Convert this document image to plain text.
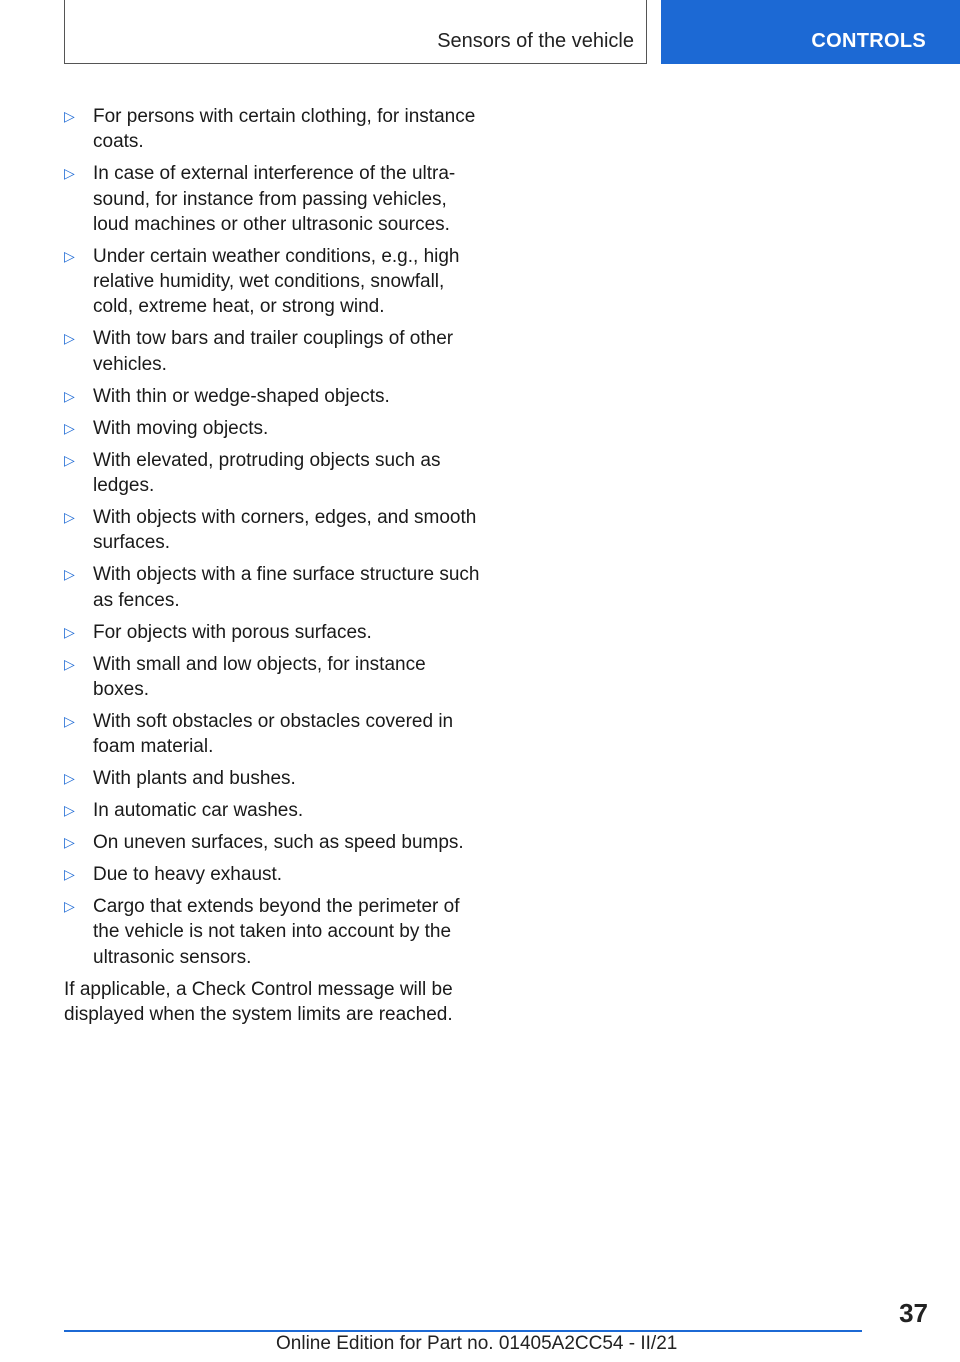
Sensors of the vehicle	CONTROLS
▷ For persons with certain clothing, for instance coats.
▷ In case of external interference of the ultra‐sound, for instance from passing vehicles, loud machines or other ultrasonic sources.
▷ Under certain weather conditions, e.g., high relative humidity, wet conditions, snowfall, cold, extreme heat, or strong wind.
▷ With tow bars and trailer couplings of other vehicles.
▷ With thin or wedge-shaped objects.
▷ With moving objects.
▷ With elevated, protruding objects such as ledges.
▷ With objects with corners, edges, and smooth surfaces.
▷ With objects with a fine surface structure such as fences.
▷ For objects with porous surfaces.
▷ With small and low objects, for instance boxes.
▷ With soft obstacles or obstacles covered in foam material.
▷ With plants and bushes.
▷ In automatic car washes.
▷ On uneven surfaces, such as speed bumps.
▷ Due to heavy exhaust.
▷ Cargo that extends beyond the perimeter of the vehicle is not taken into account by the ultrasonic sensors.

If applicable, a Check Control message will be displayed when the system limits are reached.

37
Online Edition for Part no. 01405A2CC54 - II/21
